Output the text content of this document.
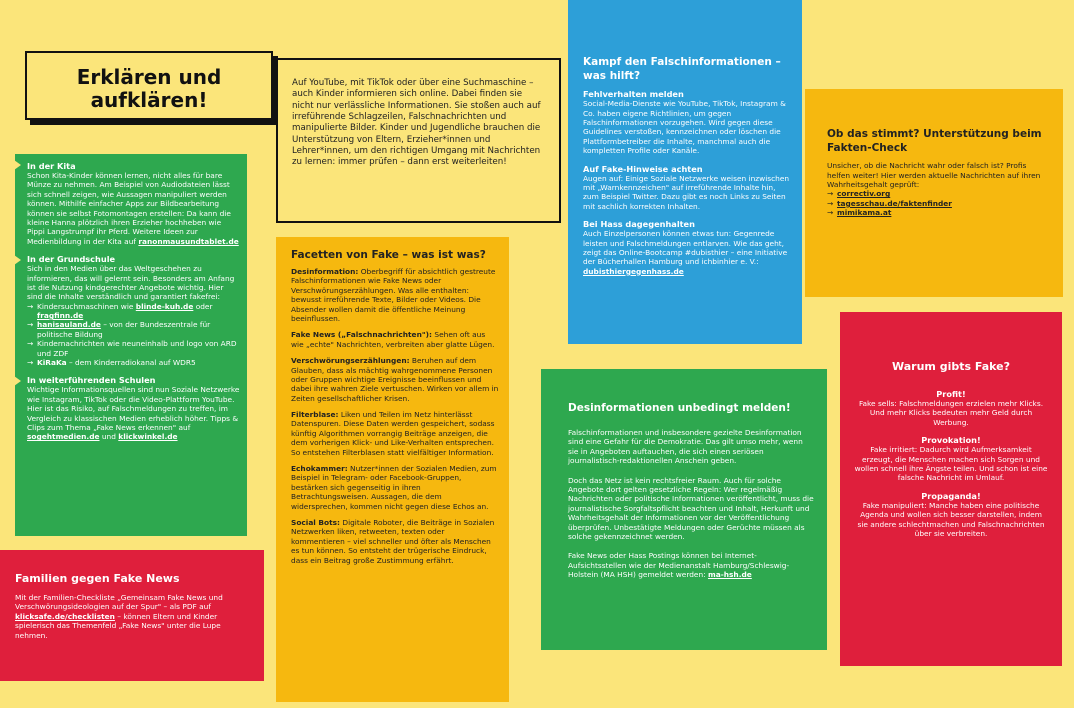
Erklären und
aufklären!

Auf YouTube, mit TikTok oder über eine Suchmaschine – auch Kinder informieren sich online. Dabei finden sie nicht nur verlässliche Informationen. Sie stoßen auch auf irreführende Schlagzeilen, Falschnachrichten und manipulierte Bilder. Kinder und Jugendliche brauchen die Unterstützung von Eltern, Erzieher*innen und Lehrer*innen, um den richtigen Umgang mit Nachrichten zu lernen: immer prüfen – dann erst weiterleiten!

In der Kita

Schon Kita-Kinder können lernen, nicht alles für bare Münze zu nehmen. Am Beispiel von Audiodateien lässt sich schnell zeigen, wie Aussagen manipuliert werden können. Mithilfe einfacher Apps zur Bildbearbeitung können sie selbst Fotomontagen erstellen: Da kann die kleine Hanna plötzlich ihren Erzieher hochheben wie Pippi Langstrumpf ihr Pferd. Weitere Ideen zur Medienbildung in der Kita auf ranonmausundtablet.de

In der Grundschule

Sich in den Medien über das Weltgeschehen zu informieren, das will gelernt sein. Besonders am Anfang ist die Nutzung kindgerechter Angebote wichtig. Hier sind die Inhalte verständlich und garantiert fakefrei:

→ Kindersuchmaschinen wie blinde-kuh.de oder fragfinn.de
→ hanisauland.de – von der Bundeszentrale für politische Bildung
→ Kindernachrichten wie neuneinhalb und logo von ARD und ZDF
→ KiRaKa – dem Kinderradiokanal auf WDR5

In weiterführenden Schulen

Wichtige Informationsquellen sind nun Soziale Netzwerke wie Instagram, TikTok oder die Video-Plattform YouTube. Hier ist das Risiko, auf Falschmeldungen zu treffen, im Vergleich zu klassischen Medien erheblich höher. Tipps & Clips zum Thema „Fake News erkennen" auf sogehtmedien.de und klickwinkel.de

Familien gegen Fake News

Mit der Familien-Checkliste „Gemeinsam Fake News und Verschwörungsideologien auf der Spur" – als PDF auf klicksafe.de/checklisten – können Eltern und Kinder spielerisch das Themenfeld „Fake News" unter die Lupe nehmen.

Facetten von Fake – was ist was?

Desinformation: Oberbegriff für absichtlich gestreute Falschinformationen wie Fake News oder Verschwörungserzählungen. Was alle enthalten: bewusst irreführende Texte, Bilder oder Videos. Die Absender wollen damit die öffentliche Meinung beeinflussen.

Fake News („Falschnachrichten"): Sehen oft aus wie „echte" Nachrichten, verbreiten aber glatte Lügen.

Verschwörungserzählungen: Beruhen auf dem Glauben, dass als mächtig wahrgenommene Personen oder Gruppen wichtige Ereignisse beeinflussen und dabei ihre wahren Ziele vertuschen. Wirken vor allem in Zeiten gesellschaftlicher Krisen.

Filterblase: Liken und Teilen im Netz hinterlässt Datenspuren. Diese Daten werden gespeichert, sodass künftig Algorithmen vorrangig Beiträge anzeigen, die dem vorherigen Klick- und Like-Verhalten entsprechen. So entstehen Filterblasen statt vielfältiger Information.

Echokammer: Nutzer*innen der Sozialen Medien, zum Beispiel in Telegram- oder Facebook-Gruppen, bestärken sich gegenseitig in ihren Betrachtungsweisen. Aussagen, die dem widersprechen, kommen nicht gegen diese Echos an.

Social Bots: Digitale Roboter, die Beiträge in Sozialen Netzwerken liken, retweeten, texten oder kommentieren – viel schneller und öfter als Menschen es tun können. So entsteht der trügerische Eindruck, dass ein Beitrag große Zustimmung erfährt.

Kampf den Falschinformationen – was hilft?

Fehlverhalten melden

Social-Media-Dienste wie YouTube, TikTok, Instagram & Co. haben eigene Richtlinien, um gegen Falschinformationen vorzugehen. Wird gegen diese Guidelines verstoßen, kennzeichnen oder löschen die Plattformbetreiber die Inhalte, manchmal auch die kompletten Profile oder Kanäle.

Auf Fake-Hinweise achten

Augen auf: Einige Soziale Netzwerke weisen inzwischen mit „Warnkennzeichen" auf irreführende Inhalte hin, zum Beispiel Twitter. Dazu gibt es noch Links zu Seiten mit sachlich korrekten Inhalten.

Bei Hass dagegenhalten

Auch Einzelpersonen können etwas tun: Gegenrede leisten und Falschmeldungen entlarven. Wie das geht, zeigt das Online-Bootcamp #dubisthier – eine Initiative der Bücherhallen Hamburg und ichbinhier e. V.: dubisthiergegenhass.de

Ob das stimmt? Unterstützung beim Fakten-Check

Unsicher, ob die Nachricht wahr oder falsch ist? Profis helfen weiter! Hier werden aktuelle Nachrichten auf ihren Wahrheitsgehalt geprüft:

→ correctiv.org
→ tagesschau.de/faktenfinder
→ mimikama.at

Desinformationen unbedingt melden!

Falschinformationen und insbesondere gezielte Desinformation sind eine Gefahr für die Demokratie. Das gilt umso mehr, wenn sie in Angeboten auftauchen, die sich einen seriösen journalistisch-redaktionellen Anschein geben.

Doch das Netz ist kein rechtsfreier Raum. Auch für solche Angebote dort gelten gesetzliche Regeln: Wer regelmäßig Nachrichten oder politische Informationen veröffentlicht, muss die journalistische Sorgfaltspflicht beachten und Inhalt, Herkunft und Wahrheitsgehalt der Informationen vor der Veröffentlichung überprüfen. Unbestätigte Meldungen oder Gerüchte müssen als solche gekennzeichnet werden.

Fake News oder Hass Postings können bei Internet-Aufsichtsstellen wie der Medienanstalt Hamburg/Schleswig-Holstein (MA HSH) gemeldet werden: ma-hsh.de

Warum gibts Fake?

Profit!

Fake sells: Falschmeldungen erzielen mehr Klicks. Und mehr Klicks bedeuten mehr Geld durch Werbung.

Provokation!

Fake irritiert: Dadurch wird Aufmerksamkeit erzeugt, die Menschen machen sich Sorgen und wollen schnell ihre Ängste teilen. Und schon ist eine falsche Nachricht im Umlauf.

Propaganda!

Fake manipuliert: Manche haben eine politische Agenda und wollen sich besser darstellen, indem sie andere schlechtmachen und Falschnachrichten über sie verbreiten.
